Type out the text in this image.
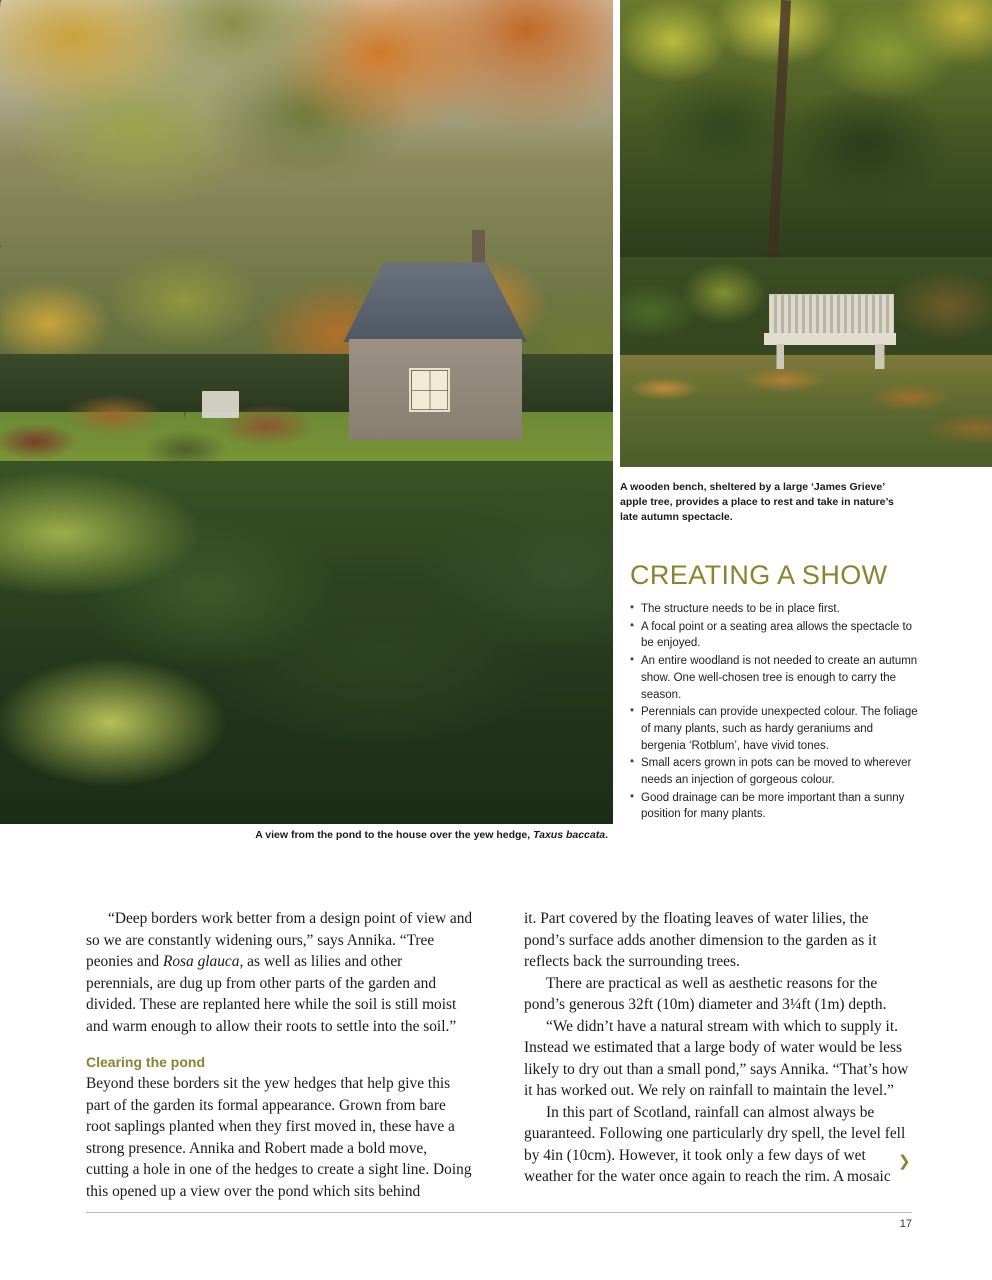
A wooden bench, sheltered by a large ‘James Grieve’ apple tree, provides a place to rest and take in nature’s late autumn spectacle.
A view from the pond to the house over the yew hedge, Taxus baccata.
CREATING A SHOW
• The structure needs to be in place first.
• A focal point or a seating area allows the spectacle to be enjoyed.
• An entire woodland is not needed to create an autumn show. One well-chosen tree is enough to carry the season.
• Perennials can provide unexpected colour. The foliage of many plants, such as hardy geraniums and bergenia ‘Rotblum’, have vivid tones.
• Small acers grown in pots can be moved to wherever needs an injection of gorgeous colour.
• Good drainage can be more important than a sunny position for many plants.

“Deep borders work better from a design point of view and so we are constantly widening ours,” says Annika. “Tree peonies and Rosa glauca, as well as lilies and other perennials, are dug up from other parts of the garden and divided. These are replanted here while the soil is still moist and warm enough to allow their roots to settle into the soil.”

Clearing the pond

Beyond these borders sit the yew hedges that help give this part of the garden its formal appearance. Grown from bare root saplings planted when they first moved in, these have a strong presence. Annika and Robert made a bold move, cutting a hole in one of the hedges to create a sight line. Doing this opened up a view over the pond which sits behind

it. Part covered by the floating leaves of water lilies, the pond’s surface adds another dimension to the garden as it reflects back the surrounding trees.

There are practical as well as aesthetic reasons for the pond’s generous 32ft (10m) diameter and 3¼ft (1m) depth.

“We didn’t have a natural stream with which to supply it. Instead we estimated that a large body of water would be less likely to dry out than a small pond,” says Annika. “That’s how it has worked out. We rely on rainfall to maintain the level.”

In this part of Scotland, rainfall can almost always be guaranteed. Following one particularly dry spell, the level fell by 4in (10cm). However, it took only a few days of wet weather for the water once again to reach the rim. A mosaic

❯
17
